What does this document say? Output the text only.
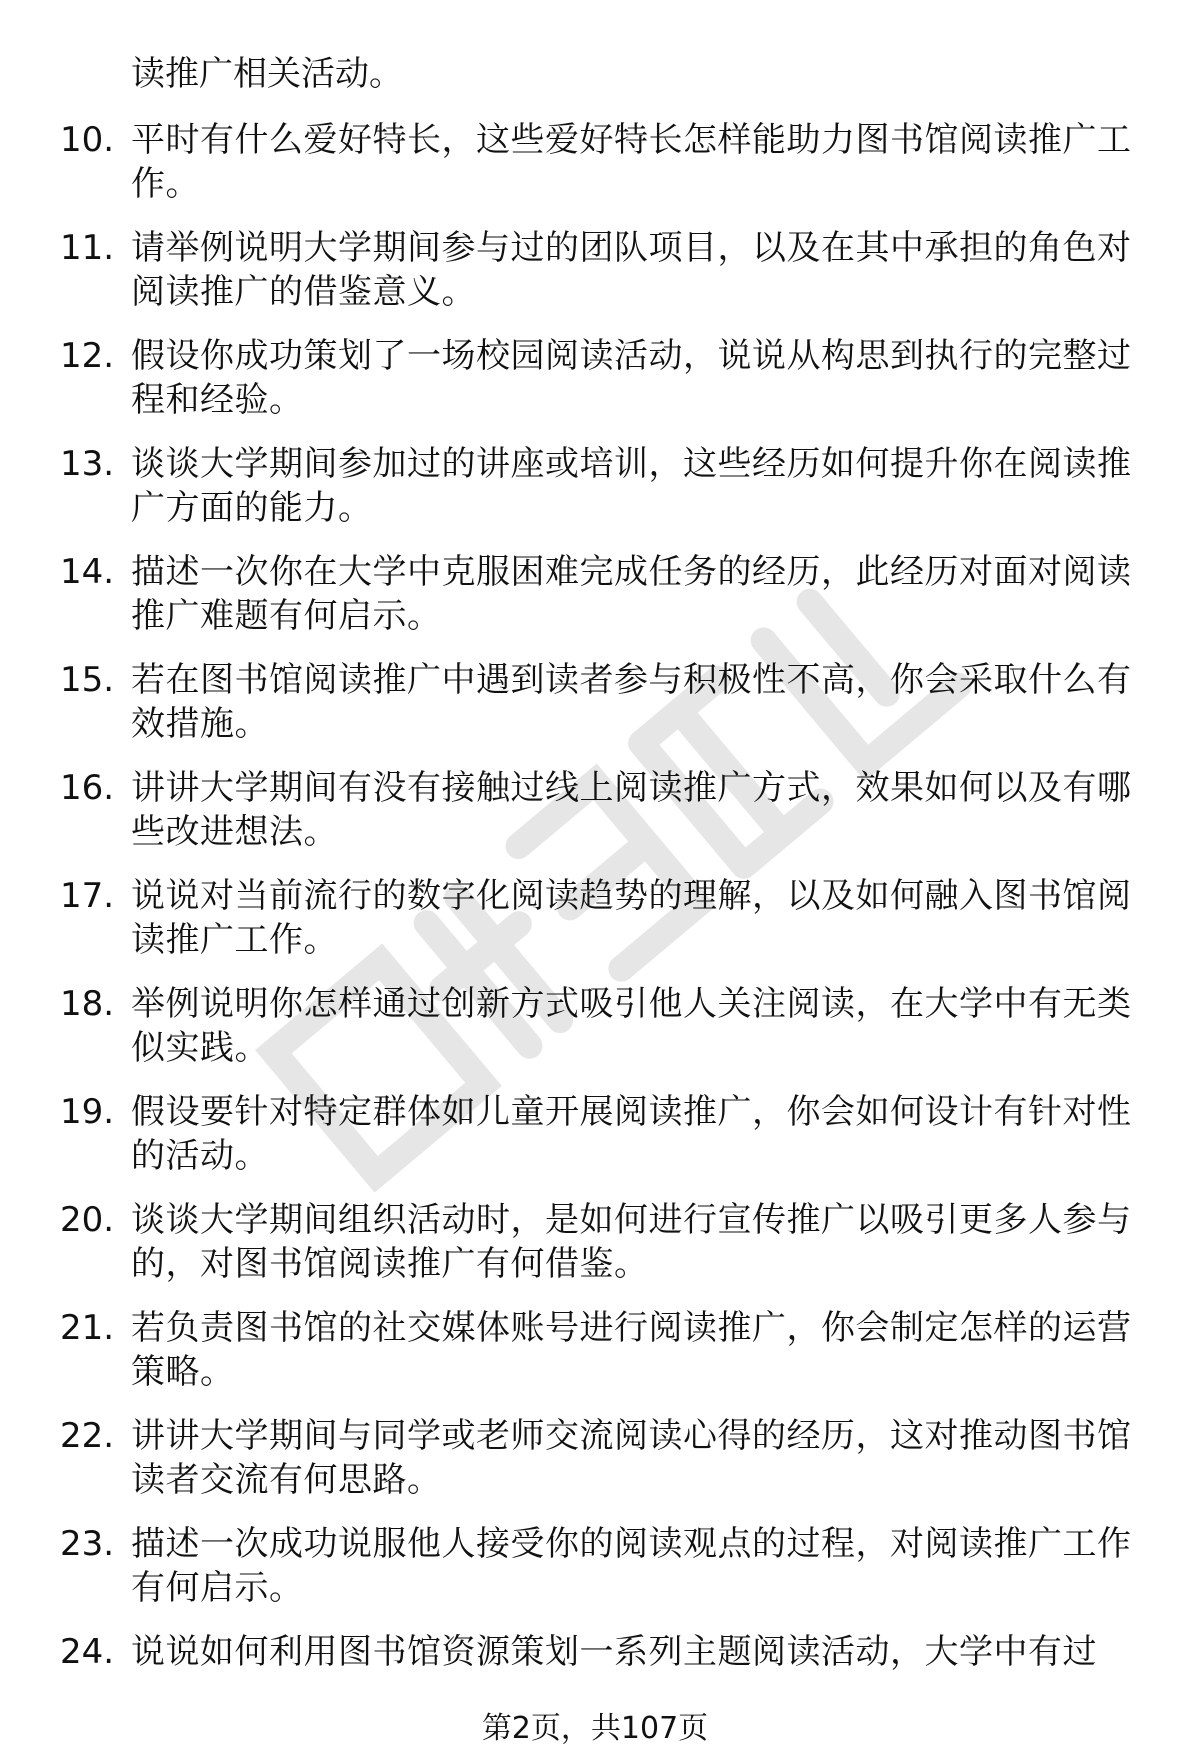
读推广相关活动。
10. 平时有什么爱好特长，这些爱好特长怎样能助力图书馆阅读推广工作。
11. 请举例说明大学期间参与过的团队项目，以及在其中承担的角色对阅读推广的借鉴意义。
12. 假设你成功策划了一场校园阅读活动，说说从构思到执行的完整过程和经验。
13. 谈谈大学期间参加过的讲座或培训，这些经历如何提升你在阅读推广方面的能力。
14. 描述一次你在大学中克服困难完成任务的经历，此经历对面对阅读推广难题有何启示。
15. 若在图书馆阅读推广中遇到读者参与积极性不高，你会采取什么有效措施。
16. 讲讲大学期间有没有接触过线上阅读推广方式，效果如何以及有哪些改进想法。
17. 说说对当前流行的数字化阅读趋势的理解，以及如何融入图书馆阅读推广工作。
18. 举例说明你怎样通过创新方式吸引他人关注阅读，在大学中有无类似实践。
19. 假设要针对特定群体如儿童开展阅读推广，你会如何设计有针对性的活动。
20. 谈谈大学期间组织活动时，是如何进行宣传推广以吸引更多人参与的，对图书馆阅读推广有何借鉴。
21. 若负责图书馆的社交媒体账号进行阅读推广，你会制定怎样的运营策略。
22. 讲讲大学期间与同学或老师交流阅读心得的经历，这对推动图书馆读者交流有何思路。
23. 描述一次成功说服他人接受你的阅读观点的过程，对阅读推广工作有何启示。
24. 说说如何利用图书馆资源策划一系列主题阅读活动，大学中有过
第2页，共107页
